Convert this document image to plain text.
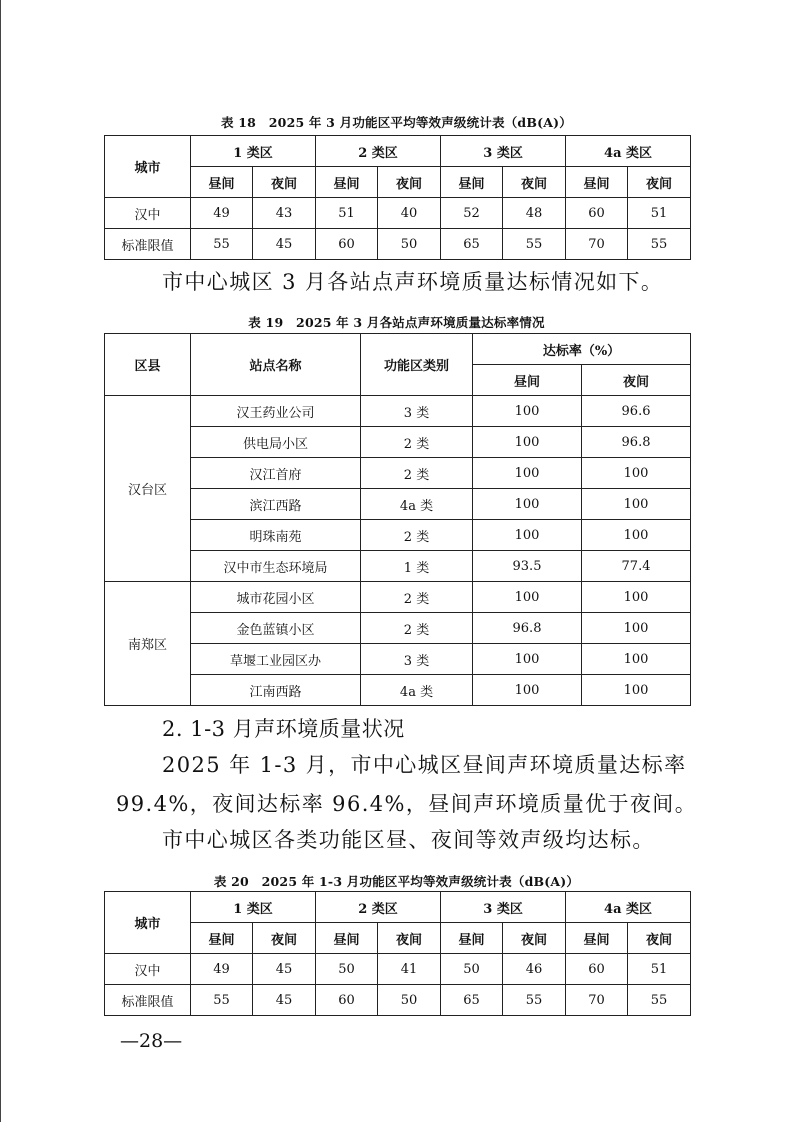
表 18　2025 年 3 月功能区平均等效声级统计表（dB(A)）
城市	1 类区		2 类区		3 类区		4a 类区	
	昼间	夜间	昼间	夜间	昼间	夜间	昼间	夜间
汉中	49	43	51	40	52	48	60	51
标准限值	55	45	60	50	65	55	70	55
市中心城区 3 月各站点声环境质量达标情况如下。
表 19　2025 年 3 月各站点声环境质量达标率情况
区县	站点名称	功能区类别	达标率（%）	
			昼间	夜间
汉台区	汉王药业公司	3 类	100	96.6
	供电局小区	2 类	100	96.8
	汉江首府	2 类	100	100
	滨江西路	4a 类	100	100
	明珠南苑	2 类	100	100
	汉中市生态环境局	1 类	93.5	77.4
南郑区	城市花园小区	2 类	100	100
	金色蓝镇小区	2 类	96.8	100
	草堰工业园区办	3 类	100	100
	江南西路	4a 类	100	100
2. 1-3 月声环境质量状况
2025 年 1-3 月，市中心城区昼间声环境质量达标率
99.4%，夜间达标率 96.4%，昼间声环境质量优于夜间。
市中心城区各类功能区昼、夜间等效声级均达标。
表 20　2025 年 1-3 月功能区平均等效声级统计表（dB(A)）
城市	1 类区		2 类区		3 类区		4a 类区	
	昼间	夜间	昼间	夜间	昼间	夜间	昼间	夜间
汉中	49	45	50	41	50	46	60	51
标准限值	55	45	60	50	65	55	70	55
—28—
